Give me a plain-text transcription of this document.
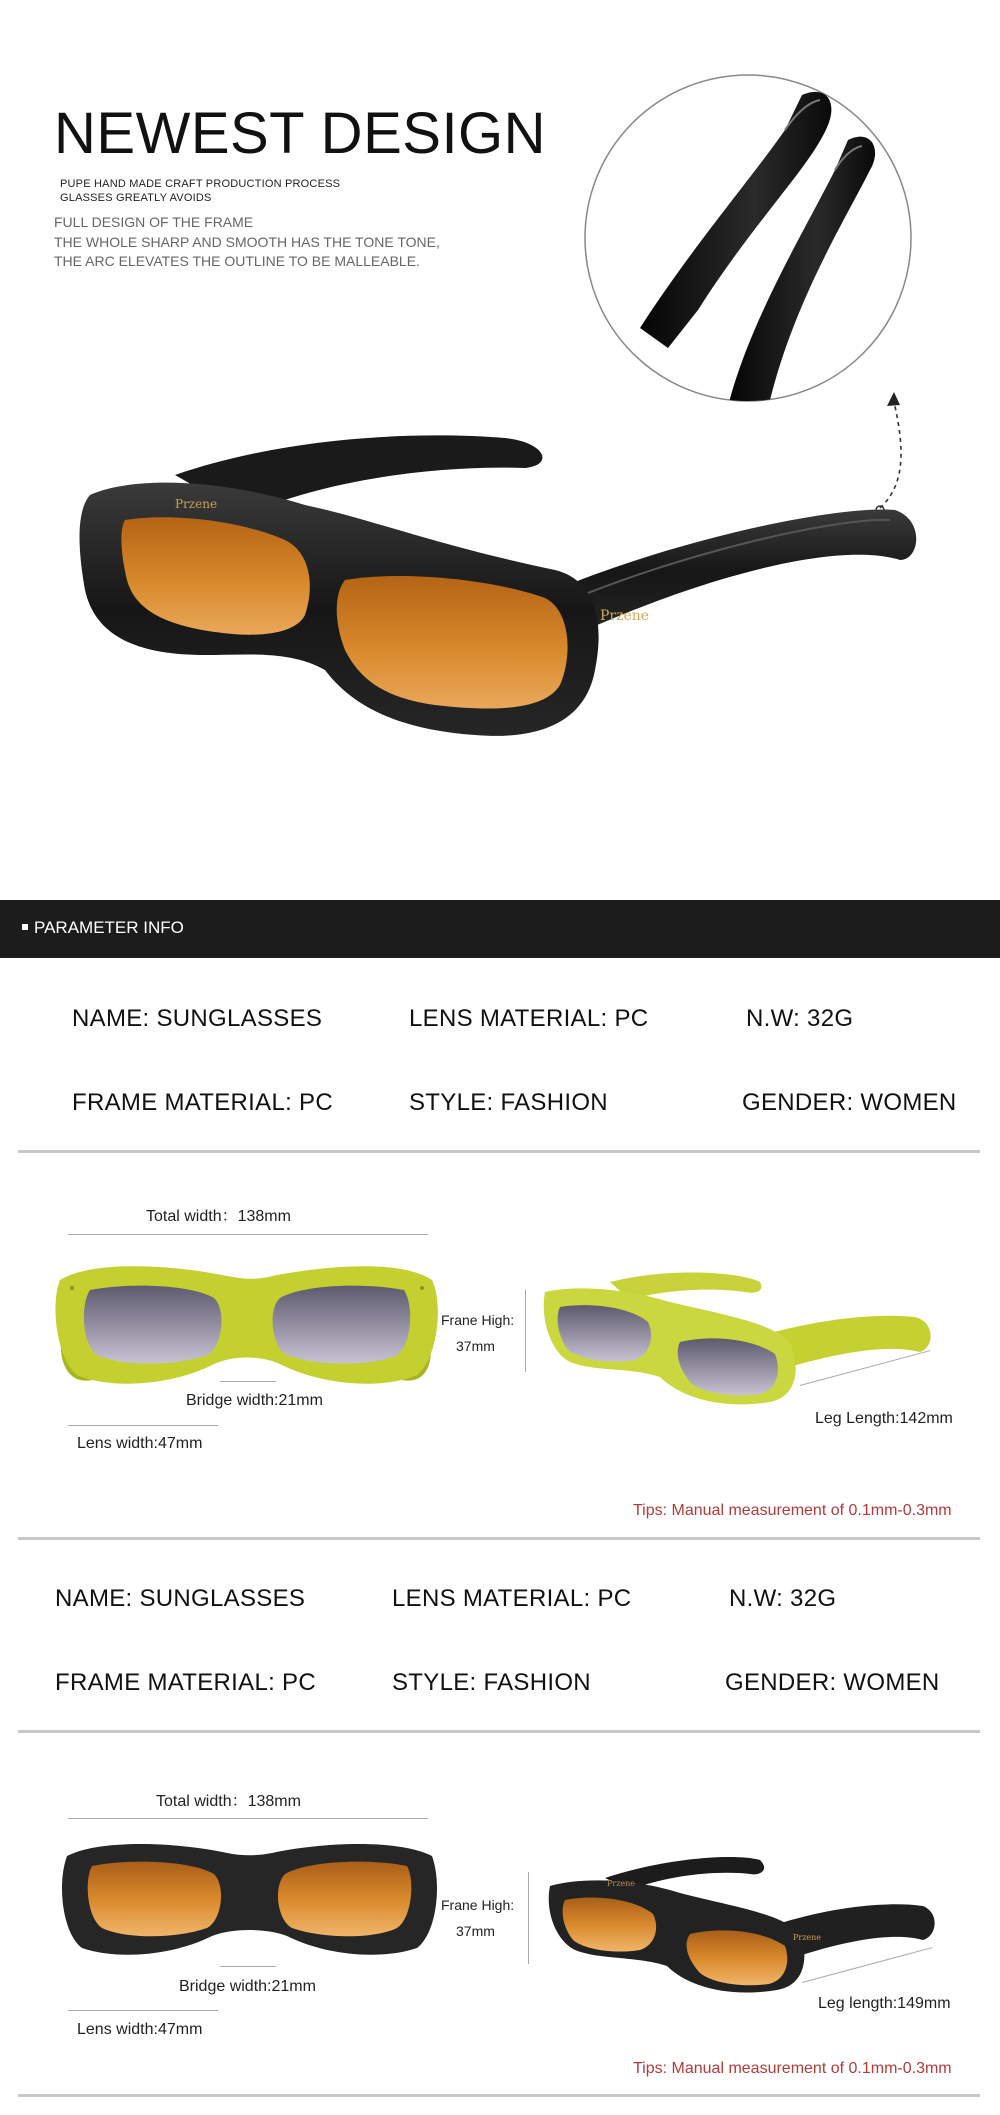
NEWEST DESIGN
PUPE HAND MADE CRAFT PRODUCTION PROCESS
GLASSES GREATLY AVOIDS
FULL DESIGN OF THE FRAME
THE WHOLE SHARP AND SMOOTH HAS THE TONE TONE,
THE ARC ELEVATES THE OUTLINE TO BE MALLEABLE.
Przene
Przene
PARAMETER INFO
NAME: SUNGLASSES	LENS MATERIAL: PC	N.W: 32G
FRAME MATERIAL: PC	STYLE: FASHION	GENDER: WOMEN
Total width：138mm
Bridge width:21mm
Lens width:47mm
Frane High:
37mm
Leg Length:142mm
Tips: Manual measurement of 0.1mm-0.3mm
NAME: SUNGLASSES	LENS MATERIAL: PC	N.W: 32G
FRAME MATERIAL: PC	STYLE: FASHION	GENDER: WOMEN
Total width：138mm
Bridge width:21mm
Lens width:47mm
Frane High:
37mm
Przene
Przene
Leg length:149mm
Tips: Manual measurement of 0.1mm-0.3mm
